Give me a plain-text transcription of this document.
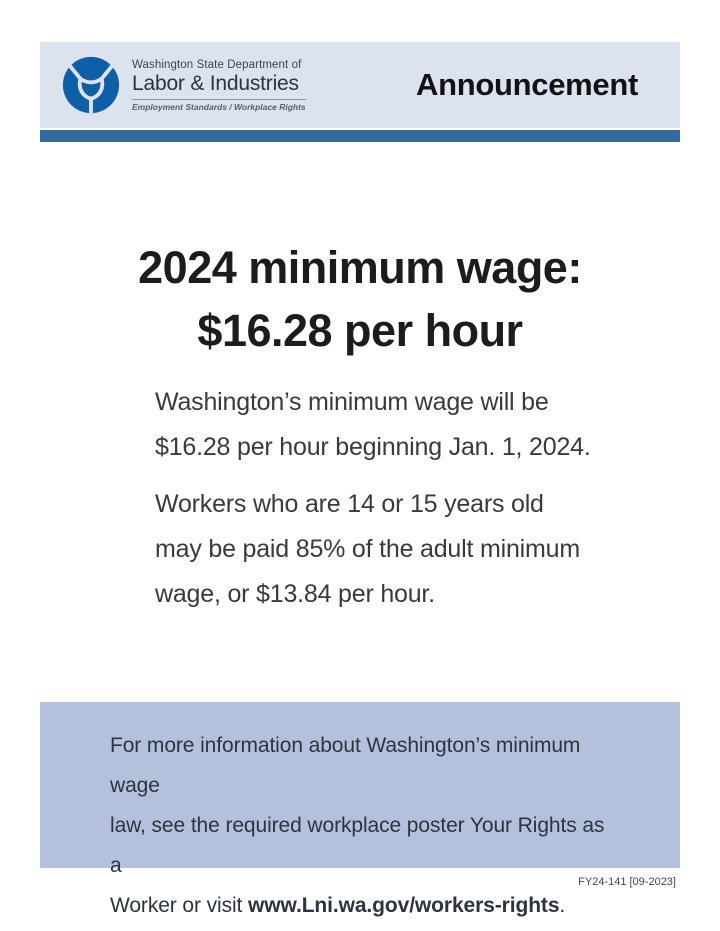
Washington State Department of
Labor & Industries
Employment Standards / Workplace Rights
Announcement
2024 minimum wage:
$16.28 per hour
Washington’s minimum wage will be
$16.28 per hour beginning Jan. 1, 2024.
Workers who are 14 or 15 years old
may be paid 85% of the adult minimum
wage, or $13.84 per hour.
For more information about Washington’s minimum wage
law, see the required workplace poster Your Rights as a
Worker or visit www.Lni.wa.gov/workers-rights.
FY24-141 [09-2023]
